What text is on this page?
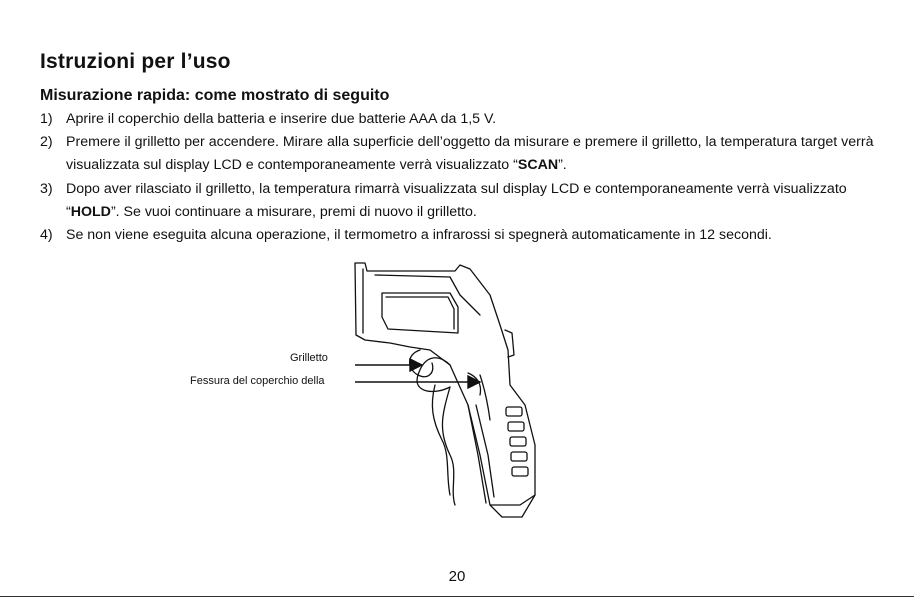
Istruzioni per l’uso
Misurazione rapida: come mostrato di seguito
1) Aprire il coperchio della batteria e inserire due batterie AAA da 1,5 V.
2) Premere il grilletto per accendere. Mirare alla superficie dell’oggetto da misurare e premere il grilletto, la temperatura target verrà visualizzata sul display LCD e contemporaneamente verrà visualizzato “SCAN”.
3) Dopo aver rilasciato il grilletto, la temperatura rimarrà visualizzata sul display LCD e contemporaneamente verrà visualizzato “HOLD”. Se vuoi continuare a misurare, premi di nuovo il grilletto.
4) Se non viene eseguita alcuna operazione, il termometro a infrarossi si spegnerà automaticamente in 12 secondi.
Grilletto
Fessura del coperchio della
20
